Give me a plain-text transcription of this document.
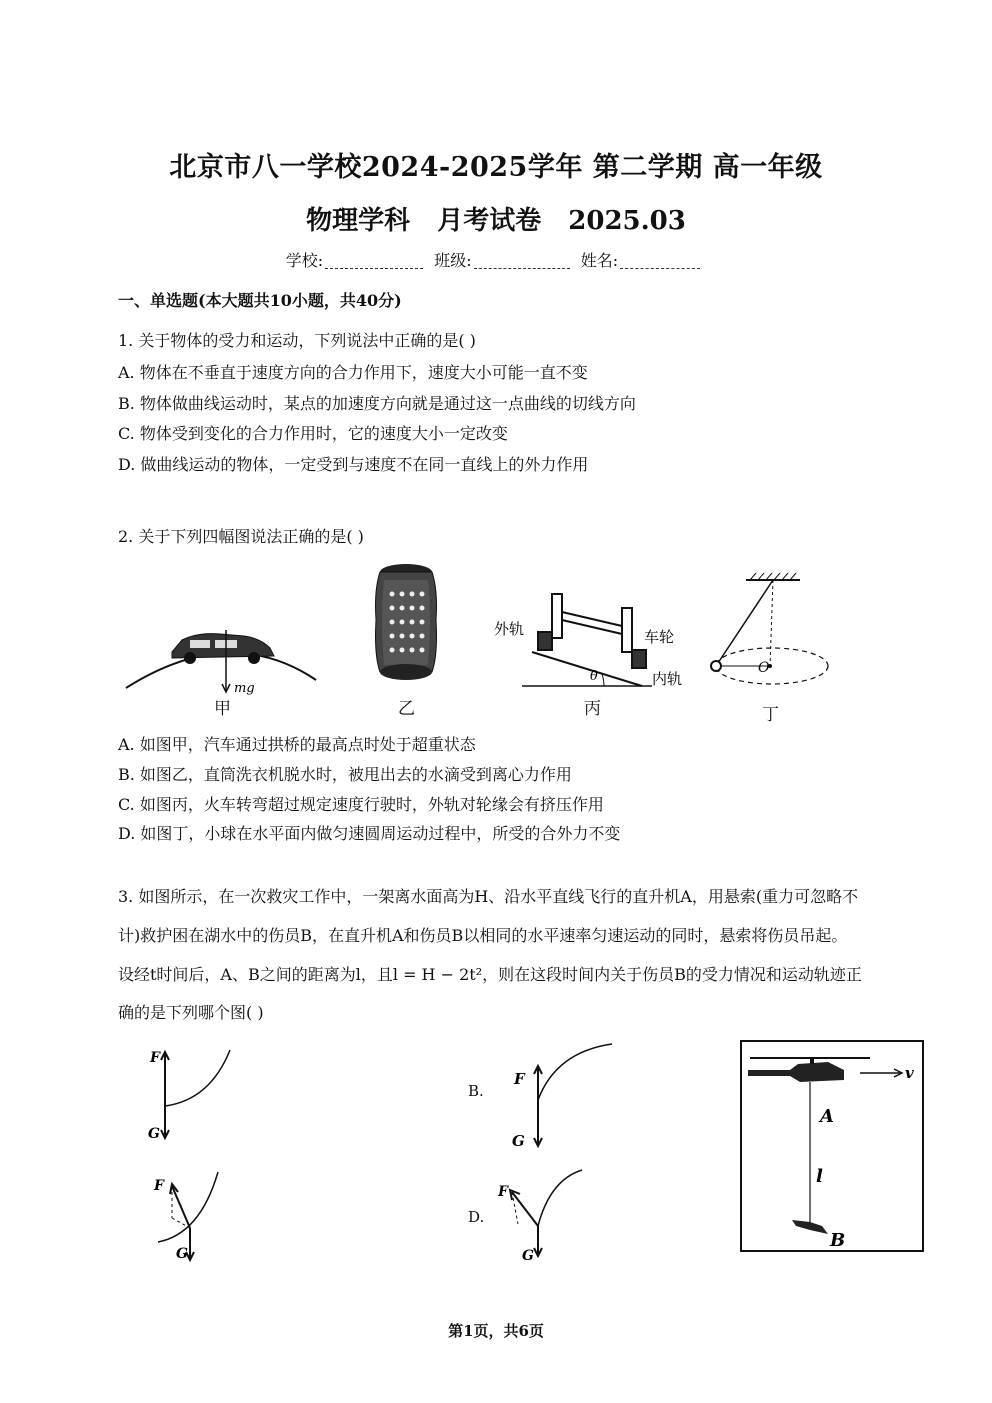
北京市八一学校2024-2025学年 第二学期 高一年级
物理学科 月考试卷 2025.03
学校:	班级:	姓名:
一、单选题(本大题共10小题，共40分)
1. 关于物体的受力和运动，下列说法中正确的是( )
A. 物体在不垂直于速度方向的合力作用下，速度大小可能一直不变
B. 物体做曲线运动时，某点的加速度方向就是通过这一点曲线的切线方向
C. 物体受到变化的合力作用时，它的速度大小一定改变
D. 做曲线运动的物体，一定受到与速度不在同一直线上的外力作用
2. 关于下列四幅图说法正确的是( )
mg
甲	乙
θ
外轨	车轮
内轨
丙
O
丁
A. 如图甲，汽车通过拱桥的最高点时处于超重状态
B. 如图乙，直筒洗衣机脱水时，被甩出去的水滴受到离心力作用
C. 如图丙，火车转弯超过规定速度行驶时，外轨对轮缘会有挤压作用
D. 如图丁，小球在水平面内做匀速圆周运动过程中，所受的合外力不变
3. 如图所示，在一次救灾工作中，一架离水面高为H、沿水平直线飞行的直升机A，用悬索(重力可忽略不
计)救护困在湖水中的伤员B，在直升机A和伤员B以相同的水平速率匀速运动的同时，悬索将伤员吊起。
设经t时间后，A、B之间的距离为l，且l = H − 2t²，则在这段时间内关于伤员B的受力情况和运动轨迹正
确的是下列哪个图( )
F
G
B.
F
G
F
G
D.
F
G
v
A
l
B
第1页，共6页
